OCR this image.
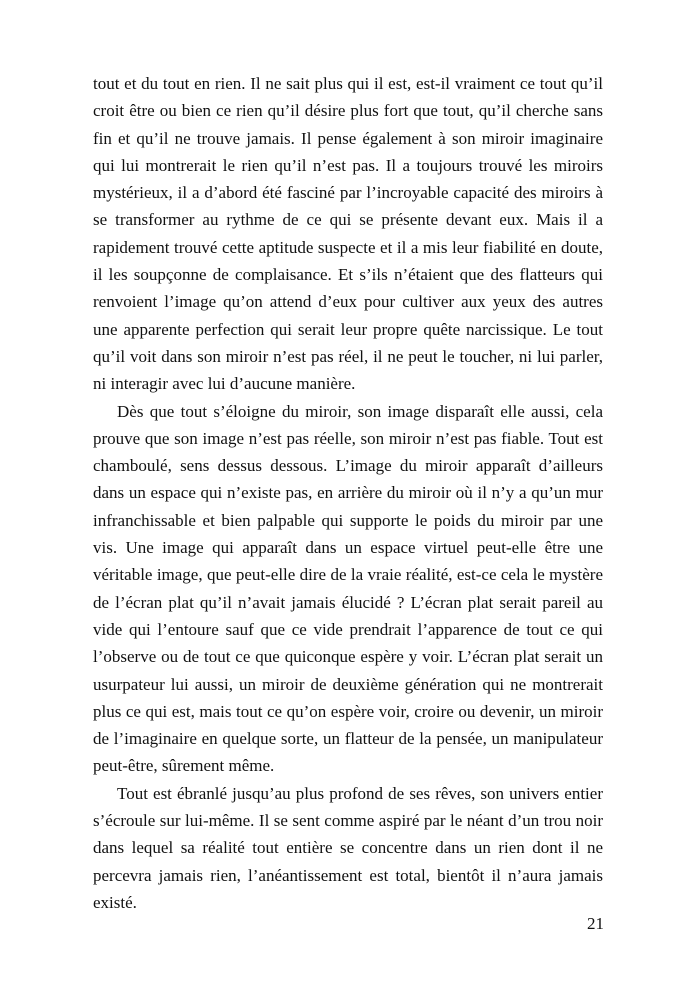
tout et du tout en rien. Il ne sait plus qui il est, est-il vraiment ce tout qu’il croit être ou bien ce rien qu’il désire plus fort que tout, qu’il cherche sans fin et qu’il ne trouve jamais. Il pense également à son miroir imaginaire qui lui montrerait le rien qu’il n’est pas. Il a toujours trouvé les miroirs mystérieux, il a d’abord été fasciné par l’incroyable capacité des miroirs à se transformer au rythme de ce qui se présente devant eux. Mais il a rapidement trouvé cette aptitude suspecte et il a mis leur fiabilité en doute, il les soupçonne de complaisance. Et s’ils n’étaient que des flatteurs qui renvoient l’image qu’on attend d’eux pour cultiver aux yeux des autres une apparente perfection qui serait leur propre quête narcissique. Le tout qu’il voit dans son miroir n’est pas réel, il ne peut le toucher, ni lui parler, ni interagir avec lui d’aucune manière.

Dès que tout s’éloigne du miroir, son image disparaît elle aussi, cela prouve que son image n’est pas réelle, son miroir n’est pas fiable. Tout est chamboulé, sens dessus dessous. L’image du miroir apparaît d’ailleurs dans un espace qui n’existe pas, en arrière du miroir où il n’y a qu’un mur infranchissable et bien palpable qui supporte le poids du miroir par une vis. Une image qui apparaît dans un espace virtuel peut-elle être une véritable image, que peut-elle dire de la vraie réalité, est-ce cela le mystère de l’écran plat qu’il n’avait jamais élucidé ? L’écran plat serait pareil au vide qui l’entoure sauf que ce vide prendrait l’apparence de tout ce qui l’observe ou de tout ce que quiconque espère y voir. L’écran plat serait un usurpateur lui aussi, un miroir de deuxième génération qui ne montrerait plus ce qui est, mais tout ce qu’on espère voir, croire ou devenir, un miroir de l’imaginaire en quelque sorte, un flatteur de la pensée, un manipulateur peut-être, sûrement même.

Tout est ébranlé jusqu’au plus profond de ses rêves, son univers entier s’écroule sur lui-même. Il se sent comme aspiré par le néant d’un trou noir dans lequel sa réalité tout entière se concentre dans un rien dont il ne percevra jamais rien, l’anéantissement est total, bientôt il n’aura jamais existé.

21
